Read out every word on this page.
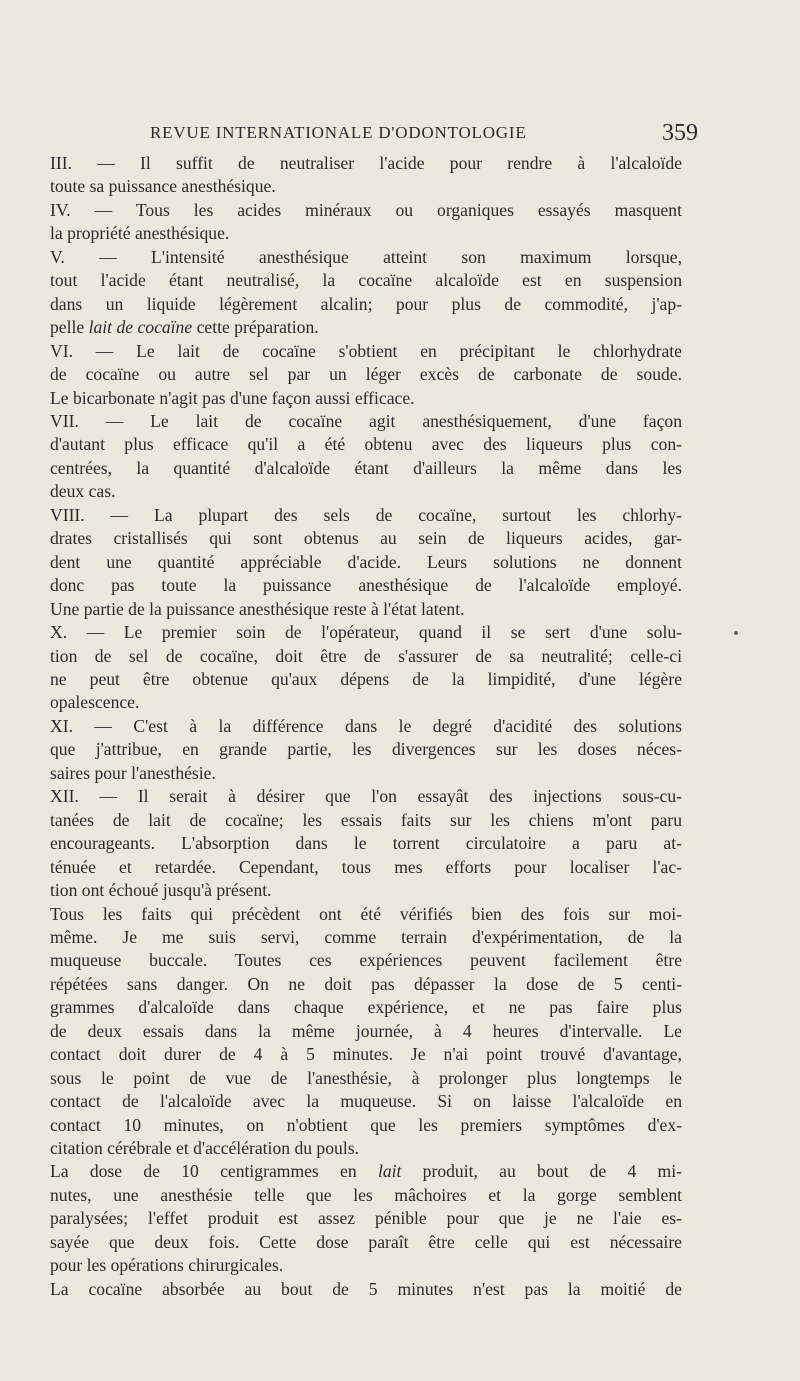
REVUE INTERNATIONALE D'ODONTOLOGIE	359

III. — Il suffit de neutraliser l'acide pour rendre à l'alcaloïde
toute sa puissance anesthésique.

IV. — Tous les acides minéraux ou organiques essayés masquent
la propriété anesthésique.

V. — L'intensité anesthésique atteint son maximum lorsque,
tout l'acide étant neutralisé, la cocaïne alcaloïde est en suspension
dans un liquide légèrement alcalin; pour plus de commodité, j'ap-
pelle lait de cocaïne cette préparation.

VI. — Le lait de cocaïne s'obtient en précipitant le chlorhydrate
de cocaïne ou autre sel par un léger excès de carbonate de soude.
Le bicarbonate n'agit pas d'une façon aussi efficace.

VII. — Le lait de cocaïne agit anesthésiquement, d'une façon
d'autant plus efficace qu'il a été obtenu avec des liqueurs plus con-
centrées, la quantité d'alcaloïde étant d'ailleurs la même dans les
deux cas.

VIII. — La plupart des sels de cocaïne, surtout les chlorhy-
drates cristallisés qui sont obtenus au sein de liqueurs acides, gar-
dent une quantité appréciable d'acide. Leurs solutions ne donnent
donc pas toute la puissance anesthésique de l'alcaloïde employé.
Une partie de la puissance anesthésique reste à l'état latent.

X. — Le premier soin de l'opérateur, quand il se sert d'une solu-
tion de sel de cocaïne, doit être de s'assurer de sa neutralité; celle-ci
ne peut être obtenue qu'aux dépens de la limpidité, d'une légère
opalescence.

XI. — C'est à la différence dans le degré d'acidité des solutions
que j'attribue, en grande partie, les divergences sur les doses néces-
saires pour l'anesthésie.

XII. — Il serait à désirer que l'on essayât des injections sous-cu-
tanées de lait de cocaïne; les essais faits sur les chiens m'ont paru
encourageants. L'absorption dans le torrent circulatoire a paru at-
ténuée et retardée. Cependant, tous mes efforts pour localiser l'ac-
tion ont échoué jusqu'à présent.

Tous les faits qui précèdent ont été vérifiés bien des fois sur moi-
même. Je me suis servi, comme terrain d'expérimentation, de la
muqueuse buccale. Toutes ces expériences peuvent facilement être
répétées sans danger. On ne doit pas dépasser la dose de 5 centi-
grammes d'alcaloïde dans chaque expérience, et ne pas faire plus
de deux essais dans la même journée, à 4 heures d'intervalle. Le
contact doit durer de 4 à 5 minutes. Je n'ai point trouvé d'avantage,
sous le point de vue de l'anesthésie, à prolonger plus longtemps le
contact de l'alcaloïde avec la muqueuse. Si on laisse l'alcaloïde en
contact 10 minutes, on n'obtient que les premiers symptômes d'ex-
citation cérébrale et d'accélération du pouls.

La dose de 10 centigrammes en lait produit, au bout de 4 mi-
nutes, une anesthésie telle que les mâchoires et la gorge semblent
paralysées; l'effet produit est assez pénible pour que je ne l'aie es-
sayée que deux fois. Cette dose paraît être celle qui est nécessaire
pour les opérations chirurgicales.

La cocaïne absorbée au bout de 5 minutes n'est pas la moitié de
